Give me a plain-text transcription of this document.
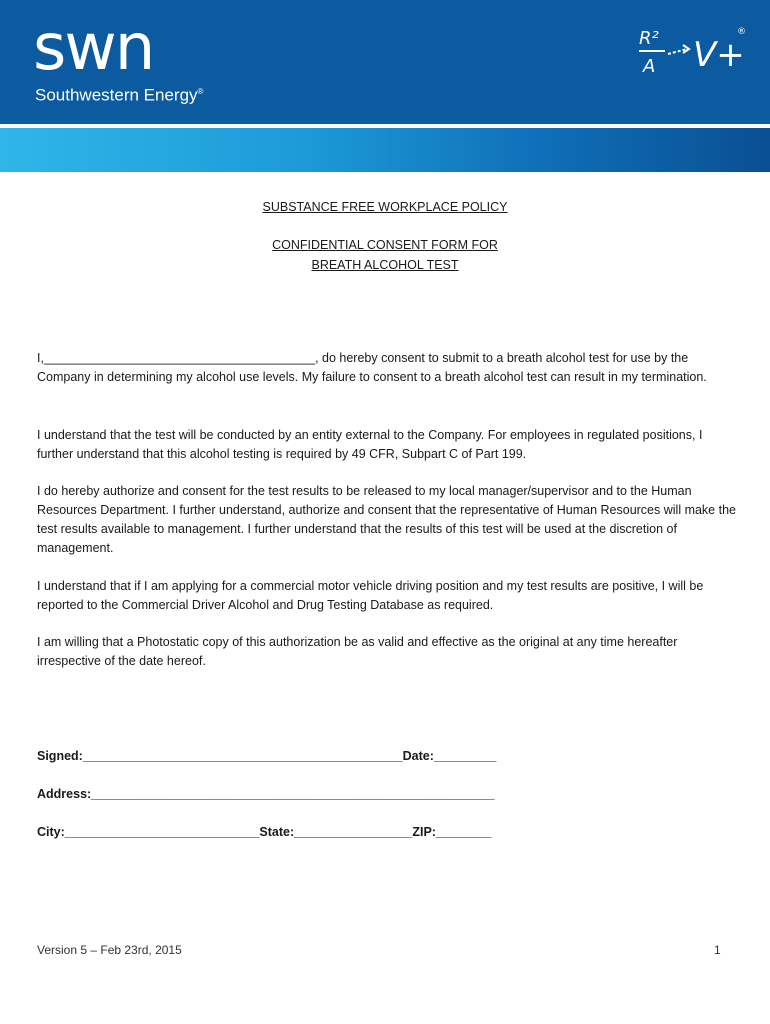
swn
Southwestern Energy®
R²
A V+
®
SUBSTANCE FREE WORKPLACE POLICY
CONFIDENTIAL CONSENT FORM FOR
BREATH ALCOHOL TEST

I,_______________________________________, do hereby consent to submit to a breath alcohol test for use by the Company in determining my alcohol use levels. My failure to consent to a breath alcohol test can result in my termination.

I understand that the test will be conducted by an entity external to the Company. For employees in regulated positions, I further understand that this alcohol testing is required by 49 CFR, Subpart C of Part 199.

I do hereby authorize and consent for the test results to be released to my local manager/supervisor and to the Human Resources Department. I further understand, authorize and consent that the representative of Human Resources will make the test results available to management. I further understand that the results of this test will be used at the discretion of management.

I understand that if I am applying for a commercial motor vehicle driving position and my test results are positive, I will be reported to the Commercial Driver Alcohol and Drug Testing Database as required.

I am willing that a Photostatic copy of this authorization be as valid and effective as the original at any time hereafter irrespective of the date hereof.

Signed:______________________________________________Date:_________
Address:__________________________________________________________
City:____________________________State:_________________ZIP:________
Version 5 – Feb 23rd, 2015	1
